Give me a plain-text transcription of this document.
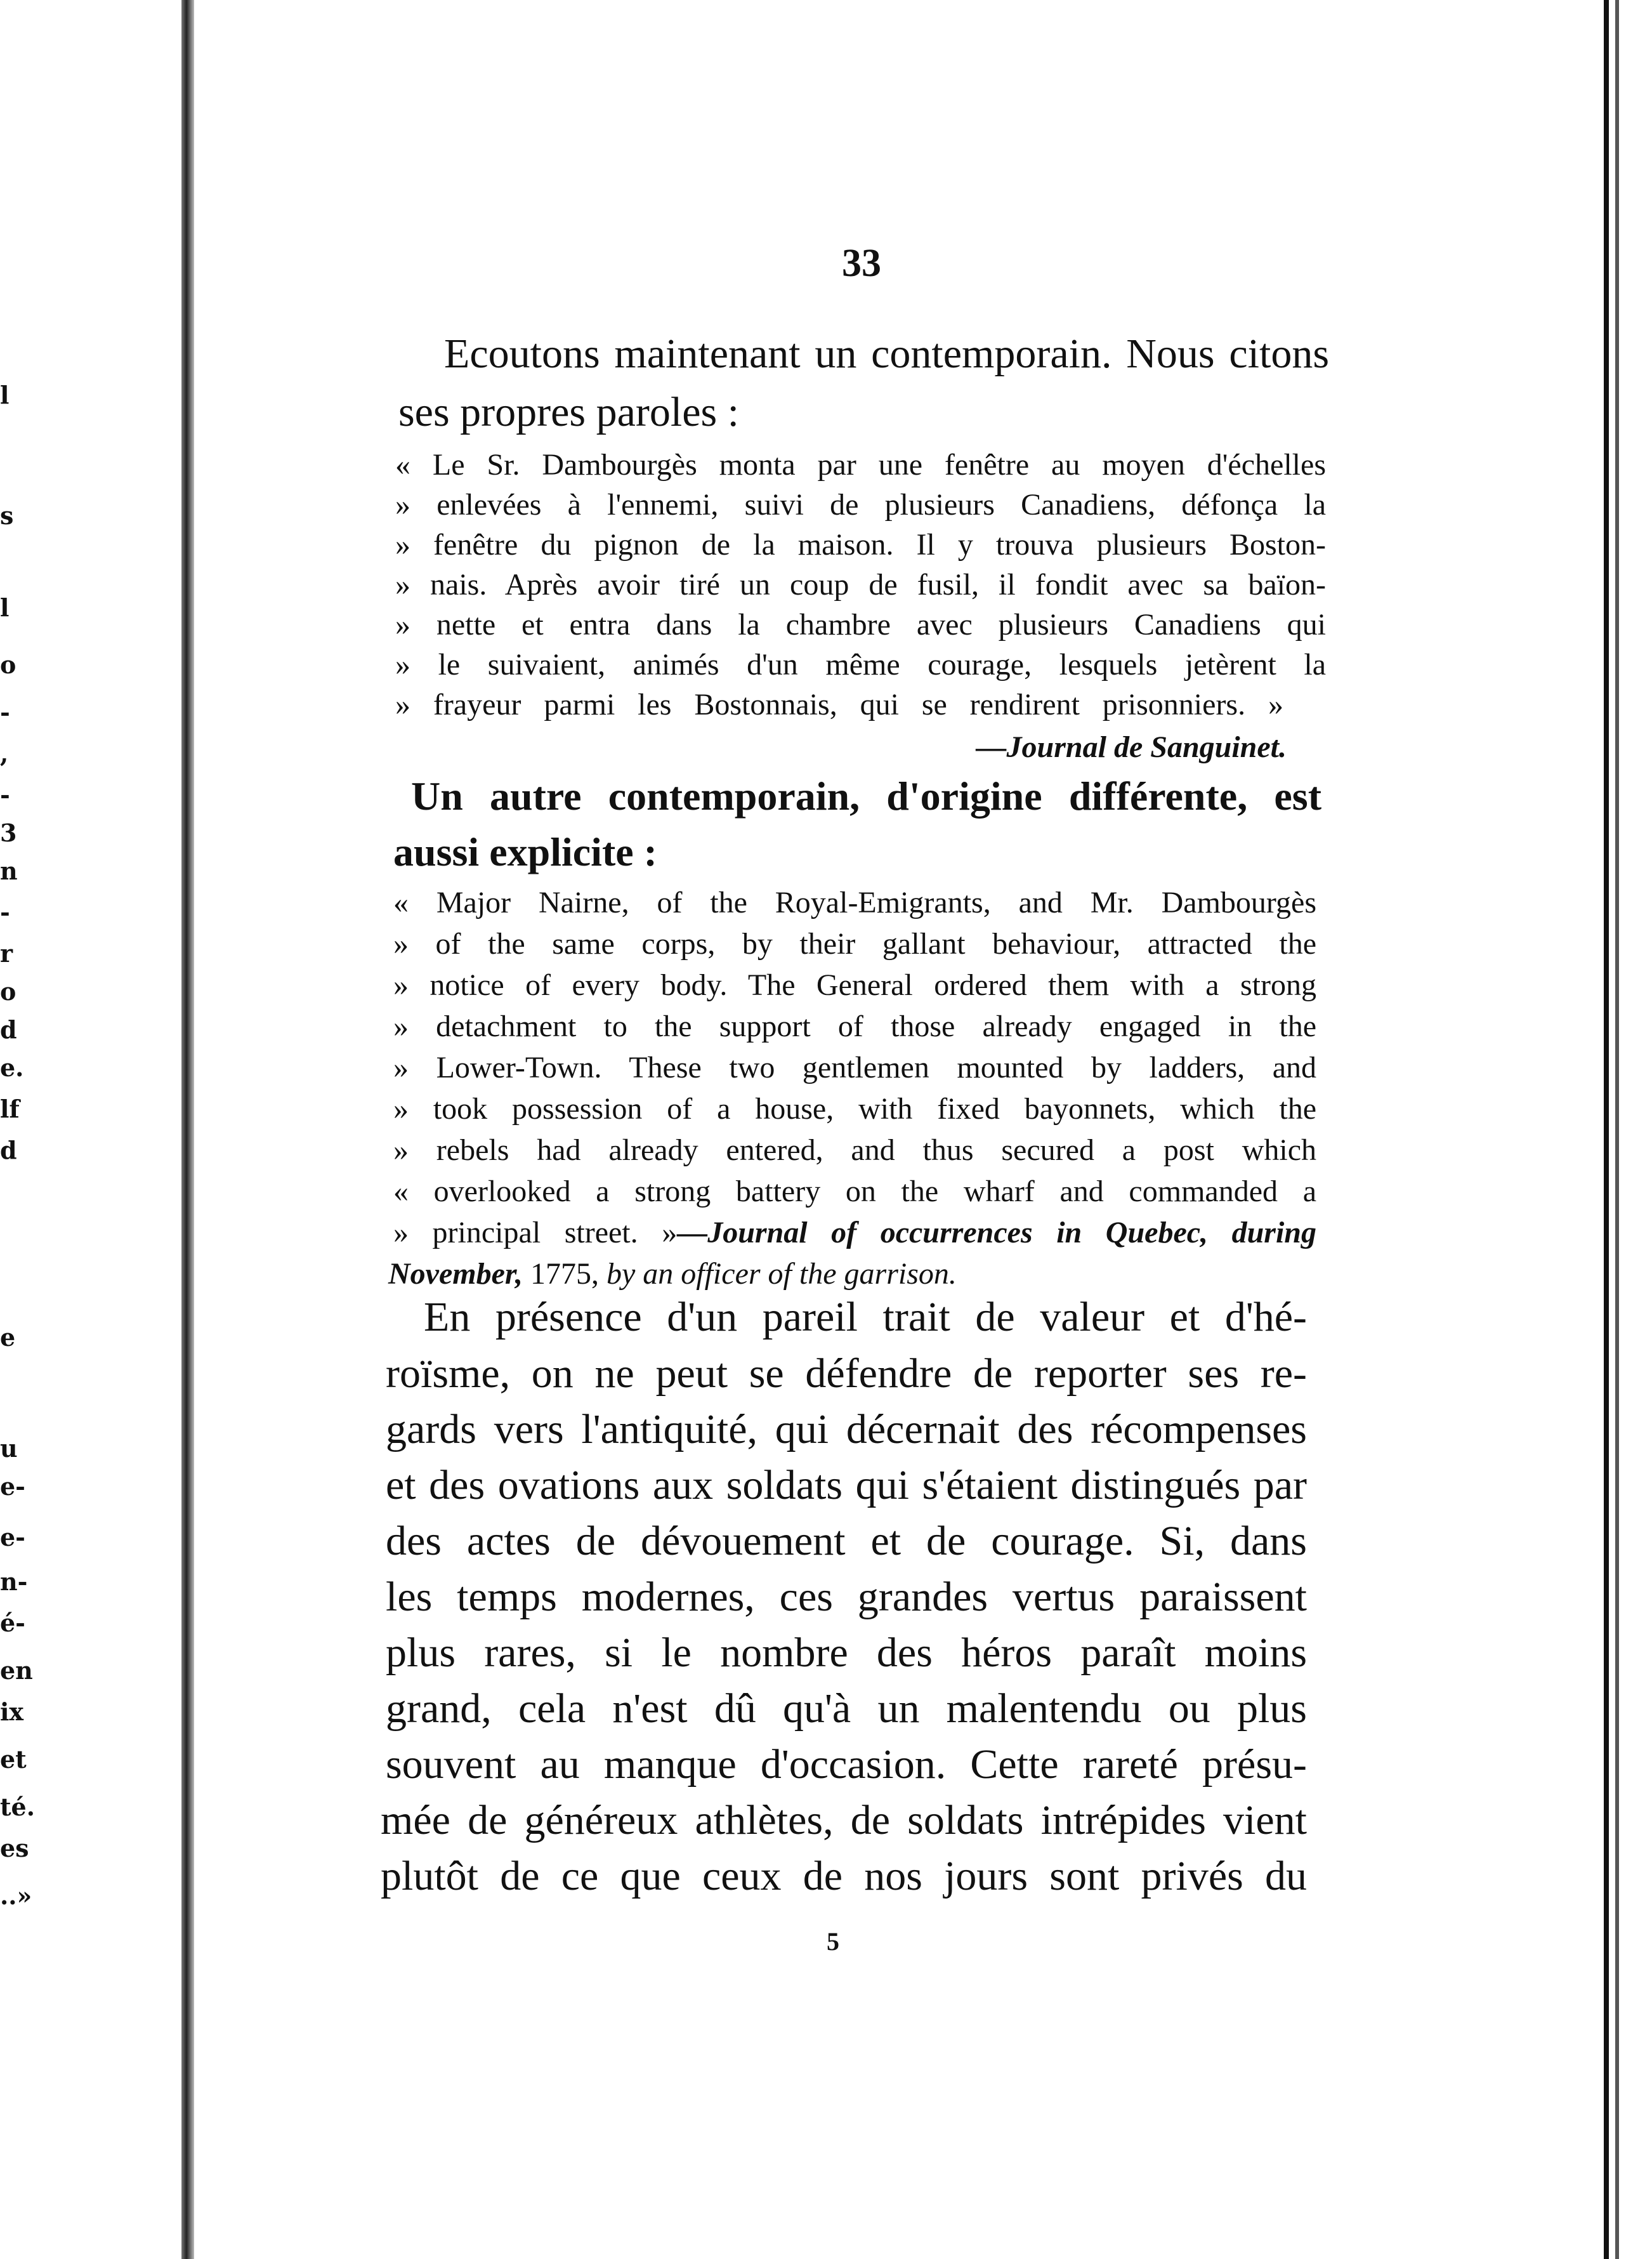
l
s
l
o
-
,
-
3
n
-
r
o
d
e.
lf
d
e
u
e-
e-
n-
é-
en
ix
et
té.
es
..»
33
Ecoutons maintenant un contemporain. Nous citons
ses propres paroles :
« Le Sr. Dambourgès monta par une fenêtre au moyen d'échelles
» enlevées à l'ennemi, suivi de plusieurs Canadiens, défonça la
» fenêtre du pignon de la maison. Il y trouva plusieurs Boston-
» nais. Après avoir tiré un coup de fusil, il fondit avec sa baïon-
» nette et entra dans la chambre avec plusieurs Canadiens qui
» le suivaient, animés d'un même courage, lesquels jetèrent la
» frayeur parmi les Bostonnais, qui se rendirent prisonniers. »
—Journal de Sanguinet.
Un autre contemporain, d'origine différente, est
aussi explicite :
« Major Nairne, of the Royal-Emigrants, and Mr. Dambourgès
» of the same corps, by their gallant behaviour, attracted the
» notice of every body. The General ordered them with a strong
» detachment to the support of those already engaged in the
» Lower-Town. These two gentlemen mounted by ladders, and
» took possession of a house, with fixed bayonnets, which the
» rebels had already entered, and thus secured a post which
« overlooked a strong battery on the wharf and commanded a
» principal street. »—Journal of occurrences in Quebec, during
November, 1775, by an officer of the garrison.
En présence d'un pareil trait de valeur et d'hé-
roïsme, on ne peut se défendre de reporter ses re-
gards vers l'antiquité, qui décernait des récompenses
et des ovations aux soldats qui s'étaient distingués par
des actes de dévouement et de courage. Si, dans
les temps modernes, ces grandes vertus paraissent
plus rares, si le nombre des héros paraît moins
grand, cela n'est dû qu'à un malentendu ou plus
souvent au manque d'occasion. Cette rareté présu-
mée de généreux athlètes, de soldats intrépides vient
plutôt de ce que ceux de nos jours sont privés du
5
